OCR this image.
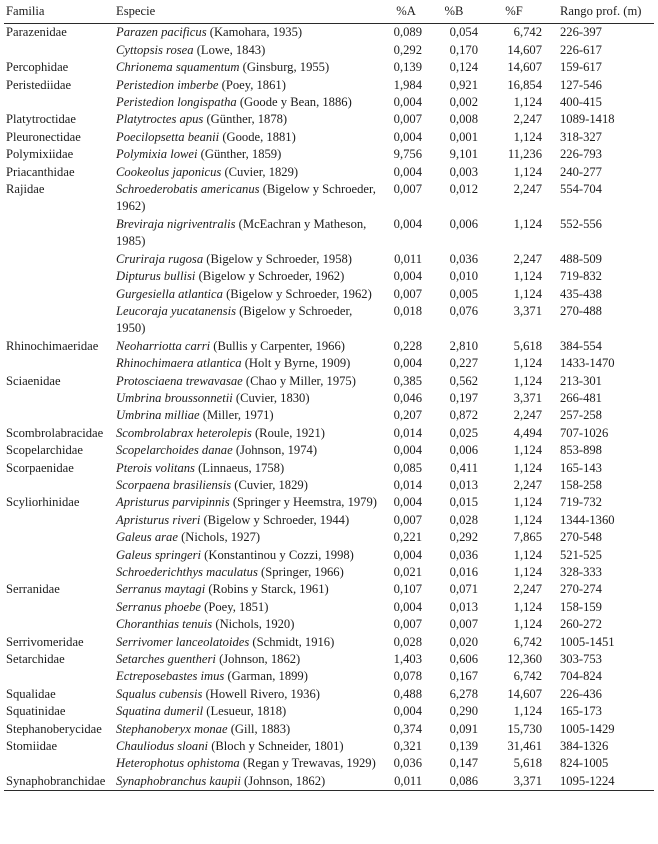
Familia	Especie	%A	%B	%F	Rango prof. (m)
Parazenidae	Parazen pacificus (Kamohara, 1935)	0,089	0,054	6,742	226-397
	Cyttopsis rosea (Lowe, 1843)	0,292	0,170	14,607	226-617
Percophidae	Chrionema squamentum (Ginsburg, 1955)	0,139	0,124	14,607	159-617
Peristediidae	Peristedion imberbe (Poey, 1861)	1,984	0,921	16,854	127-546
	Peristedion longispatha (Goode y Bean, 1886)	0,004	0,002	1,124	400-415
Platytroctidae	Platytroctes apus (Günther, 1878)	0,007	0,008	2,247	1089-1418
Pleuronectidae	Poecilopsetta beanii (Goode, 1881)	0,004	0,001	1,124	318-327
Polymixiidae	Polymixia lowei (Günther, 1859)	9,756	9,101	11,236	226-793
Priacanthidae	Cookeolus japonicus (Cuvier, 1829)	0,004	0,003	1,124	240-277
Rajidae	Schroederobatis americanus (Bigelow y Schroeder, 1962)	0,007	0,012	2,247	554-704
	Breviraja nigriventralis (McEachran y Matheson, 1985)	0,004	0,006	1,124	552-556
	Cruriraja rugosa (Bigelow y Schroeder, 1958)	0,011	0,036	2,247	488-509
	Dipturus bullisi (Bigelow y Schroeder, 1962)	0,004	0,010	1,124	719-832
	Gurgesiella atlantica (Bigelow y Schroeder, 1962)	0,007	0,005	1,124	435-438
	Leucoraja yucatanensis (Bigelow y Schroeder, 1950)	0,018	0,076	3,371	270-488
Rhinochimaeridae	Neoharriotta carri (Bullis y Carpenter, 1966)	0,228	2,810	5,618	384-554
	Rhinochimaera atlantica (Holt y Byrne, 1909)	0,004	0,227	1,124	1433-1470
Sciaenidae	Protosciaena trewavasae (Chao y Miller, 1975)	0,385	0,562	1,124	213-301
	Umbrina broussonnetii (Cuvier, 1830)	0,046	0,197	3,371	266-481
	Umbrina milliae (Miller, 1971)	0,207	0,872	2,247	257-258
Scombrolabracidae	Scombrolabrax heterolepis (Roule, 1921)	0,014	0,025	4,494	707-1026
Scopelarchidae	Scopelarchoides danae (Johnson, 1974)	0,004	0,006	1,124	853-898
Scorpaenidae	Pterois volitans (Linnaeus, 1758)	0,085	0,411	1,124	165-143
	Scorpaena brasiliensis (Cuvier, 1829)	0,014	0,013	2,247	158-258
Scyliorhinidae	Apristurus parvipinnis (Springer y Heemstra, 1979)	0,004	0,015	1,124	719-732
	Apristurus riveri (Bigelow y Schroeder, 1944)	0,007	0,028	1,124	1344-1360
	Galeus arae (Nichols, 1927)	0,221	0,292	7,865	270-548
	Galeus springeri (Konstantinou y Cozzi, 1998)	0,004	0,036	1,124	521-525
	Schroederichthys maculatus (Springer, 1966)	0,021	0,016	1,124	328-333
Serranidae	Serranus maytagi (Robins y Starck, 1961)	0,107	0,071	2,247	270-274
	Serranus phoebe (Poey, 1851)	0,004	0,013	1,124	158-159
	Choranthias tenuis (Nichols, 1920)	0,007	0,007	1,124	260-272
Serrivomeridae	Serrivomer lanceolatoides (Schmidt, 1916)	0,028	0,020	6,742	1005-1451
Setarchidae	Setarches guentheri (Johnson, 1862)	1,403	0,606	12,360	303-753
	Ectreposebastes imus (Garman, 1899)	0,078	0,167	6,742	704-824
Squalidae	Squalus cubensis (Howell Rivero, 1936)	0,488	6,278	14,607	226-436
Squatinidae	Squatina dumeril (Lesueur, 1818)	0,004	0,290	1,124	165-173
Stephanoberycidae	Stephanoberyx monae (Gill, 1883)	0,374	0,091	15,730	1005-1429
Stomiidae	Chauliodus sloani (Bloch y Schneider, 1801)	0,321	0,139	31,461	384-1326
	Heterophotus ophistoma (Regan y Trewavas, 1929)	0,036	0,147	5,618	824-1005
Synaphobranchidae	Synaphobranchus kaupii (Johnson, 1862)	0,011	0,086	3,371	1095-1224
